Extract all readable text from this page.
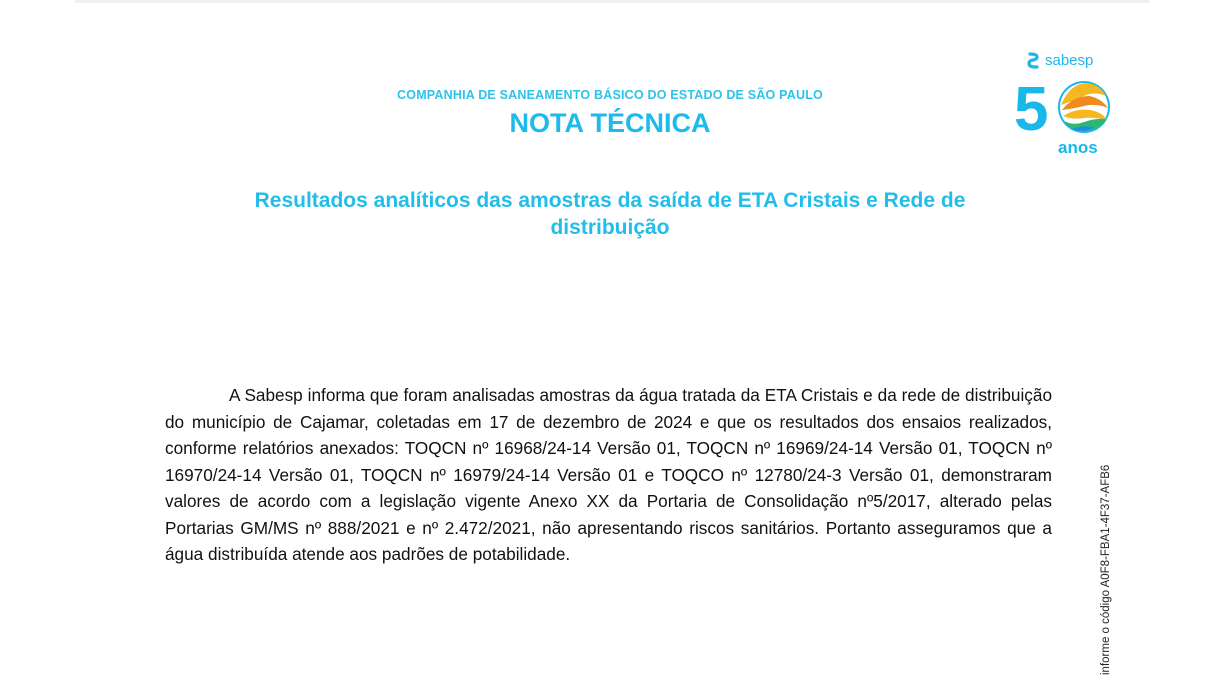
COMPANHIA DE SANEAMENTO BÁSICO DO ESTADO DE SÃO PAULO
NOTA TÉCNICA
sabesp
5
anos
Resultados analíticos das amostras da saída de ETA Cristais e Rede de
distribuição

A Sabesp informa que foram analisadas amostras da água tratada da ETA Cristais e da rede de distribuição do município de Cajamar, coletadas em 17 de dezembro de 2024 e que os resultados dos ensaios realizados, conforme relatórios anexados: TOQCN nº 16968/24-14 Versão 01, TOQCN nº 16969/24-14 Versão 01, TOQCN nº 16970/24-14 Versão 01, TOQCN nº 16979/24-14 Versão 01 e TOQCO nº 12780/24-3 Versão 01, demonstraram valores de acordo com a legislação vigente Anexo XX da Portaria de Consolidação nº5/2017, alterado pelas Portarias GM/MS nº 888/2021 e nº 2.472/2021, não apresentando riscos sanitários. Portanto asseguramos que a água distribuída atende aos padrões de potabilidade.	informe o código A0F8-FBA1-4F37-AFB6
